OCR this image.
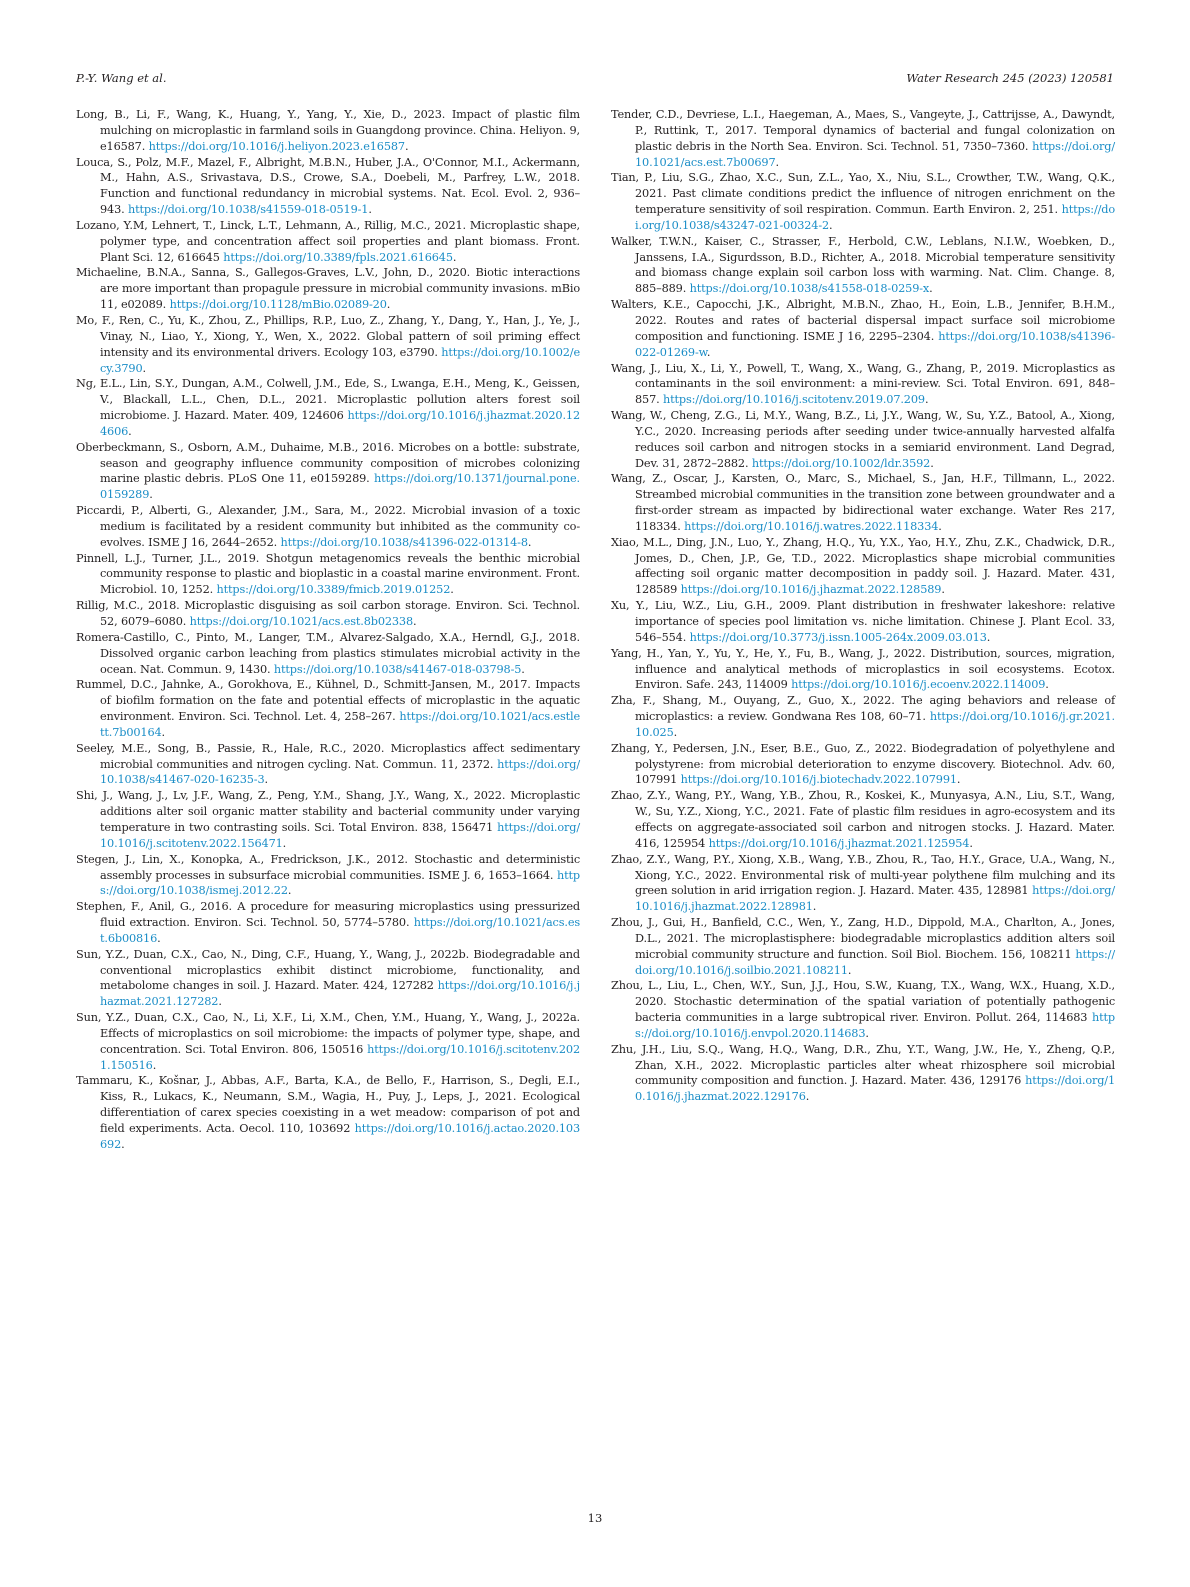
P.-Y. Wang et al.	Water Research 245 (2023) 120581

Long, B., Li, F., Wang, K., Huang, Y., Yang, Y., Xie, D., 2023. Impact of plastic film mulching on microplastic in farmland soils in Guangdong province. China. Heliyon. 9, e16587. https://doi.org/10.1016/j.heliyon.2023.e16587.

Louca, S., Polz, M.F., Mazel, F., Albright, M.B.N., Huber, J.A., O'Connor, M.I., Ackermann, M., Hahn, A.S., Srivastava, D.S., Crowe, S.A., Doebeli, M., Parfrey, L.W., 2018. Function and functional redundancy in microbial systems. Nat. Ecol. Evol. 2, 936–943. https://doi.org/10.1038/s41559-018-0519-1.

Lozano, Y.M, Lehnert, T., Linck, L.T., Lehmann, A., Rillig, M.C., 2021. Microplastic shape, polymer type, and concentration affect soil properties and plant biomass. Front. Plant Sci. 12, 616645 https://doi.org/10.3389/fpls.2021.616645.

Michaeline, B.N.A., Sanna, S., Gallegos-Graves, L.V., John, D., 2020. Biotic interactions are more important than propagule pressure in microbial community invasions. mBio 11, e02089. https://doi.org/10.1128/mBio.02089-20.

Mo, F., Ren, C., Yu, K., Zhou, Z., Phillips, R.P., Luo, Z., Zhang, Y., Dang, Y., Han, J., Ye, J., Vinay, N., Liao, Y., Xiong, Y., Wen, X., 2022. Global pattern of soil priming effect intensity and its environmental drivers. Ecology 103, e3790. https://doi.org/10.1002/ecy.3790.

Ng, E.L., Lin, S.Y., Dungan, A.M., Colwell, J.M., Ede, S., Lwanga, E.H., Meng, K., Geissen, V., Blackall, L.L., Chen, D.L., 2021. Microplastic pollution alters forest soil microbiome. J. Hazard. Mater. 409, 124606 https://doi.org/10.1016/j.jhazmat.2020.124606.

Oberbeckmann, S., Osborn, A.M., Duhaime, M.B., 2016. Microbes on a bottle: substrate, season and geography influence community composition of microbes colonizing marine plastic debris. PLoS One 11, e0159289. https://doi.org/10.1371/journal.pone.0159289.

Piccardi, P., Alberti, G., Alexander, J.M., Sara, M., 2022. Microbial invasion of a toxic medium is facilitated by a resident community but inhibited as the community co-evolves. ISME J 16, 2644–2652. https://doi.org/10.1038/s41396-022-01314-8.

Pinnell, L.J., Turner, J.L., 2019. Shotgun metagenomics reveals the benthic microbial community response to plastic and bioplastic in a coastal marine environment. Front. Microbiol. 10, 1252. https://doi.org/10.3389/fmicb.2019.01252.

Rillig, M.C., 2018. Microplastic disguising as soil carbon storage. Environ. Sci. Technol. 52, 6079–6080. https://doi.org/10.1021/acs.est.8b02338.

Romera-Castillo, C., Pinto, M., Langer, T.M., Alvarez-Salgado, X.A., Herndl, G.J., 2018. Dissolved organic carbon leaching from plastics stimulates microbial activity in the ocean. Nat. Commun. 9, 1430. https://doi.org/10.1038/s41467-018-03798-5.

Rummel, D.C., Jahnke, A., Gorokhova, E., Kühnel, D., Schmitt-Jansen, M., 2017. Impacts of biofilm formation on the fate and potential effects of microplastic in the aquatic environment. Environ. Sci. Technol. Let. 4, 258–267. https://doi.org/10.1021/acs.estlett.7b00164.

Seeley, M.E., Song, B., Passie, R., Hale, R.C., 2020. Microplastics affect sedimentary microbial communities and nitrogen cycling. Nat. Commun. 11, 2372. https://doi.org/10.1038/s41467-020-16235-3.

Shi, J., Wang, J., Lv, J.F., Wang, Z., Peng, Y.M., Shang, J.Y., Wang, X., 2022. Microplastic additions alter soil organic matter stability and bacterial community under varying temperature in two contrasting soils. Sci. Total Environ. 838, 156471 https://doi.org/10.1016/j.scitotenv.2022.156471.

Stegen, J., Lin, X., Konopka, A., Fredrickson, J.K., 2012. Stochastic and deterministic assembly processes in subsurface microbial communities. ISME J. 6, 1653–1664. https://doi.org/10.1038/ismej.2012.22.

Stephen, F., Anil, G., 2016. A procedure for measuring microplastics using pressurized fluid extraction. Environ. Sci. Technol. 50, 5774–5780. https://doi.org/10.1021/acs.est.6b00816.

Sun, Y.Z., Duan, C.X., Cao, N., Ding, C.F., Huang, Y., Wang, J., 2022b. Biodegradable and conventional microplastics exhibit distinct microbiome, functionality, and metabolome changes in soil. J. Hazard. Mater. 424, 127282 https://doi.org/10.1016/j.jhazmat.2021.127282.

Sun, Y.Z., Duan, C.X., Cao, N., Li, X.F., Li, X.M., Chen, Y.M., Huang, Y., Wang, J., 2022a. Effects of microplastics on soil microbiome: the impacts of polymer type, shape, and concentration. Sci. Total Environ. 806, 150516 https://doi.org/10.1016/j.scitotenv.2021.150516.

Tammaru, K., Košnar, J., Abbas, A.F., Barta, K.A., de Bello, F., Harrison, S., Degli, E.I., Kiss, R., Lukacs, K., Neumann, S.M., Wagia, H., Puy, J., Leps, J., 2021. Ecological differentiation of carex species coexisting in a wet meadow: comparison of pot and field experiments. Acta. Oecol. 110, 103692 https://doi.org/10.1016/j.actao.2020.103692.

Tender, C.D., Devriese, L.I., Haegeman, A., Maes, S., Vangeyte, J., Cattrijsse, A., Dawyndt, P., Ruttink, T., 2017. Temporal dynamics of bacterial and fungal colonization on plastic debris in the North Sea. Environ. Sci. Technol. 51, 7350–7360. https://doi.org/10.1021/acs.est.7b00697.

Tian, P., Liu, S.G., Zhao, X.C., Sun, Z.L., Yao, X., Niu, S.L., Crowther, T.W., Wang, Q.K., 2021. Past climate conditions predict the influence of nitrogen enrichment on the temperature sensitivity of soil respiration. Commun. Earth Environ. 2, 251. https://doi.org/10.1038/s43247-021-00324-2.

Walker, T.W.N., Kaiser, C., Strasser, F., Herbold, C.W., Leblans, N.I.W., Woebken, D., Janssens, I.A., Sigurdsson, B.D., Richter, A., 2018. Microbial temperature sensitivity and biomass change explain soil carbon loss with warming. Nat. Clim. Change. 8, 885–889. https://doi.org/10.1038/s41558-018-0259-x.

Walters, K.E., Capocchi, J.K., Albright, M.B.N., Zhao, H., Eoin, L.B., Jennifer, B.H.M., 2022. Routes and rates of bacterial dispersal impact surface soil microbiome composition and functioning. ISME J 16, 2295–2304. https://doi.org/10.1038/s41396-022-01269-w.

Wang, J., Liu, X., Li, Y., Powell, T., Wang, X., Wang, G., Zhang, P., 2019. Microplastics as contaminants in the soil environment: a mini-review. Sci. Total Environ. 691, 848–857. https://doi.org/10.1016/j.scitotenv.2019.07.209.

Wang, W., Cheng, Z.G., Li, M.Y., Wang, B.Z., Li, J.Y., Wang, W., Su, Y.Z., Batool, A., Xiong, Y.C., 2020. Increasing periods after seeding under twice-annually harvested alfalfa reduces soil carbon and nitrogen stocks in a semiarid environment. Land Degrad, Dev. 31, 2872–2882. https://doi.org/10.1002/ldr.3592.

Wang, Z., Oscar, J., Karsten, O., Marc, S., Michael, S., Jan, H.F., Tillmann, L., 2022. Streambed microbial communities in the transition zone between groundwater and a first-order stream as impacted by bidirectional water exchange. Water Res 217, 118334. https://doi.org/10.1016/j.watres.2022.118334.

Xiao, M.L., Ding, J.N., Luo, Y., Zhang, H.Q., Yu, Y.X., Yao, H.Y., Zhu, Z.K., Chadwick, D.R., Jomes, D., Chen, J.P., Ge, T.D., 2022. Microplastics shape microbial communities affecting soil organic matter decomposition in paddy soil. J. Hazard. Mater. 431, 128589 https://doi.org/10.1016/j.jhazmat.2022.128589.

Xu, Y., Liu, W.Z., Liu, G.H., 2009. Plant distribution in freshwater lakeshore: relative importance of species pool limitation vs. niche limitation. Chinese J. Plant Ecol. 33, 546–554. https://doi.org/10.3773/j.issn.1005-264x.2009.03.013.

Yang, H., Yan, Y., Yu, Y., He, Y., Fu, B., Wang, J., 2022. Distribution, sources, migration, influence and analytical methods of microplastics in soil ecosystems. Ecotox. Environ. Safe. 243, 114009 https://doi.org/10.1016/j.ecoenv.2022.114009.

Zha, F., Shang, M., Ouyang, Z., Guo, X., 2022. The aging behaviors and release of microplastics: a review. Gondwana Res 108, 60–71. https://doi.org/10.1016/j.gr.2021.10.025.

Zhang, Y., Pedersen, J.N., Eser, B.E., Guo, Z., 2022. Biodegradation of polyethylene and polystyrene: from microbial deterioration to enzyme discovery. Biotechnol. Adv. 60, 107991 https://doi.org/10.1016/j.biotechadv.2022.107991.

Zhao, Z.Y., Wang, P.Y., Wang, Y.B., Zhou, R., Koskei, K., Munyasya, A.N., Liu, S.T., Wang, W., Su, Y.Z., Xiong, Y.C., 2021. Fate of plastic film residues in agro-ecosystem and its effects on aggregate-associated soil carbon and nitrogen stocks. J. Hazard. Mater. 416, 125954 https://doi.org/10.1016/j.jhazmat.2021.125954.

Zhao, Z.Y., Wang, P.Y., Xiong, X.B., Wang, Y.B., Zhou, R., Tao, H.Y., Grace, U.A., Wang, N., Xiong, Y.C., 2022. Environmental risk of multi-year polythene film mulching and its green solution in arid irrigation region. J. Hazard. Mater. 435, 128981 https://doi.org/10.1016/j.jhazmat.2022.128981.

Zhou, J., Gui, H., Banfield, C.C., Wen, Y., Zang, H.D., Dippold, M.A., Charlton, A., Jones, D.L., 2021. The microplastisphere: biodegradable microplastics addition alters soil microbial community structure and function. Soil Biol. Biochem. 156, 108211 https://doi.org/10.1016/j.soilbio.2021.108211.

Zhou, L., Liu, L., Chen, W.Y., Sun, J.J., Hou, S.W., Kuang, T.X., Wang, W.X., Huang, X.D., 2020. Stochastic determination of the spatial variation of potentially pathogenic bacteria communities in a large subtropical river. Environ. Pollut. 264, 114683 https://doi.org/10.1016/j.envpol.2020.114683.

Zhu, J.H., Liu, S.Q., Wang, H.Q., Wang, D.R., Zhu, Y.T., Wang, J.W., He, Y., Zheng, Q.P., Zhan, X.H., 2022. Microplastic particles alter wheat rhizosphere soil microbial community composition and function. J. Hazard. Mater. 436, 129176 https://doi.org/10.1016/j.jhazmat.2022.129176.

13
